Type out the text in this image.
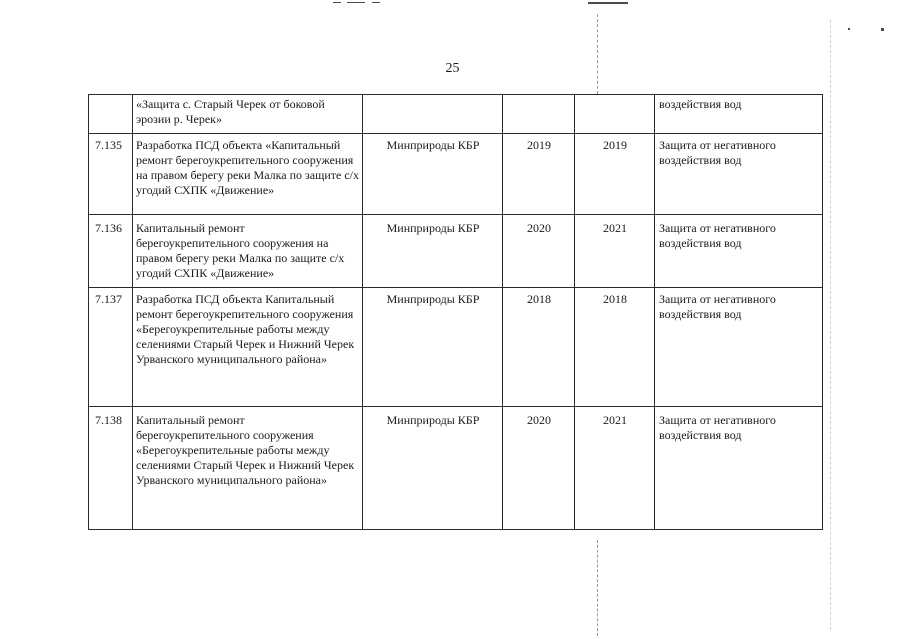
25
	«Защита с. Старый Черек от боковой эрозии р. Черек»				воздействия вод
7.135	Разработка ПСД объекта «Капитальный ремонт берегоукрепительного сооружения на правом берегу реки Малка по защите с/х угодий СХПК «Движение»	Минприроды КБР	2019	2019	Защита от негативного воздействия вод
7.136	Капитальный ремонт берегоукрепительного сооружения на правом берегу реки Малка по защите с/х угодий СХПК «Движение»	Минприроды КБР	2020	2021	Защита от негативного воздействия вод
7.137	Разработка ПСД объекта Капитальный ремонт берегоукрепительного сооружения «Берегоукрепительные работы между селениями Старый Черек и Нижний Черек Урванского муниципального района»	Минприроды КБР	2018	2018	Защита от негативного воздействия вод
7.138	Капитальный ремонт берегоукрепительного сооружения «Берегоукрепительные работы между селениями Старый Черек и Нижний Черек Урванского муниципального района»	Минприроды КБР	2020	2021	Защита от негативного воздействия вод
